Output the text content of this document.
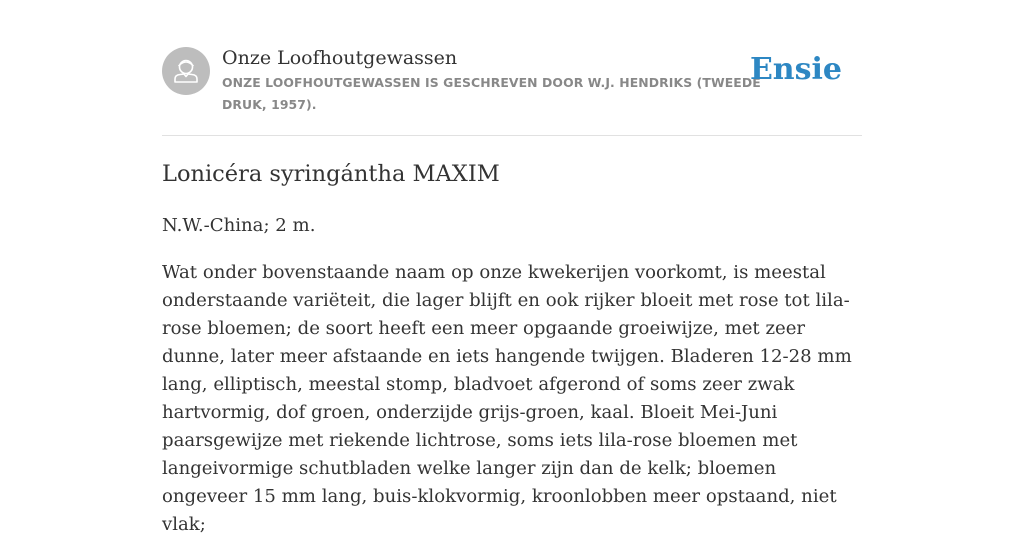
Onze Loofhoutgewassen

ONZE LOOFHOUTGEWASSEN IS GESCHREVEN DOOR W.J. HENDRIKS (TWEEDE DRUK, 1957).

Ensie
Lonicéra syringántha MAXIM

N.W.-China; 2 m.

Wat onder bovenstaande naam op onze kwekerijen voorkomt, is meestal onderstaande variëteit, die lager blijft en ook rijker bloeit met rose tot lila-rose bloemen; de soort heeft een meer opgaande groeiwijze, met zeer dunne, later meer afstaande en iets hangende twijgen. Bladeren 12-28 mm lang, elliptisch, meestal stomp, bladvoet afgerond of soms zeer zwak hartvormig, dof groen, onderzijde grijs-groen, kaal. Bloeit Mei-Juni paarsgewijze met riekende lichtrose, soms iets lila-rose bloemen met langeivormige schutbladen welke langer zijn dan de kelk; bloemen ongeveer 15 mm lang, buis-klokvormig, kroonlobben meer opstaand, niet vlak;
